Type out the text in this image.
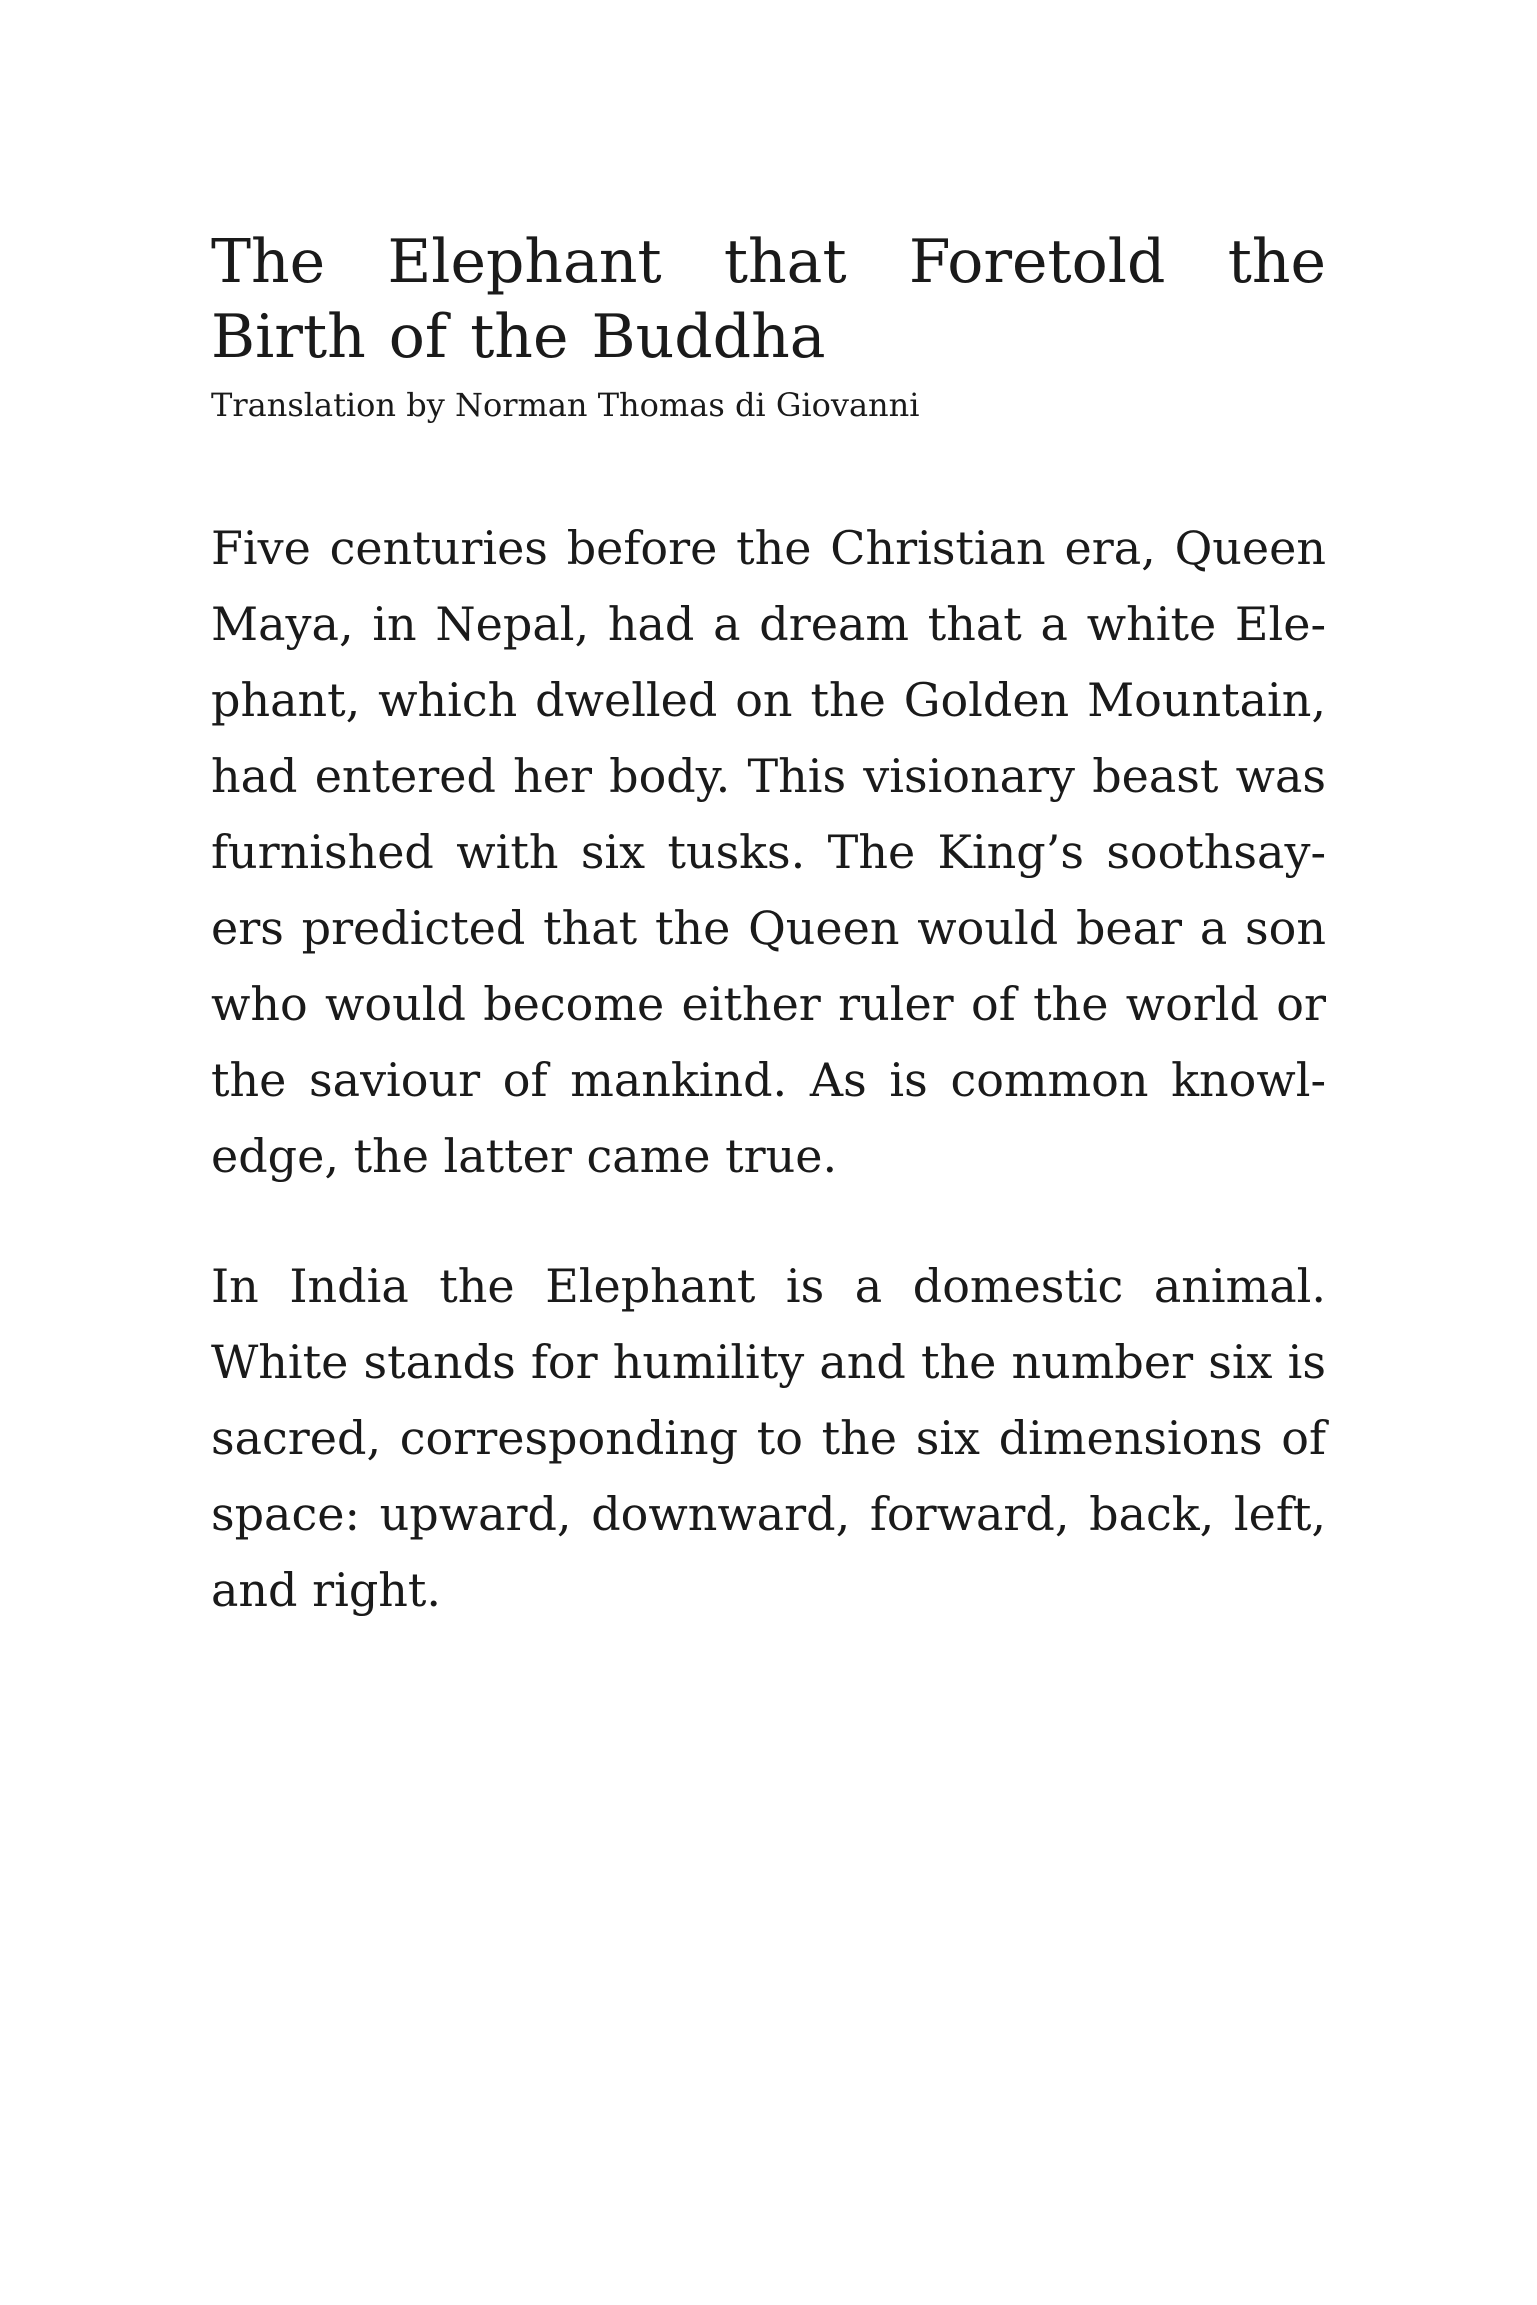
The Elephant that Foretold the Birth of the Buddha
Translation by Norman Thomas di Giovanni

Five centuries before the Christian era, Queen Maya, in Nepal, had a dream that a white Elephant, which dwelled on the Golden Mountain, had entered her body. This visionary beast was furnished with six tusks. The King’s soothsayers predicted that the Queen would bear a son who would become either ruler of the world or the saviour of mankind. As is common knowledge, the latter came true.

In India the Elephant is a domestic animal. White stands for humility and the number six is sacred, corresponding to the six dimensions of space: upward, downward, forward, back, left, and right.
